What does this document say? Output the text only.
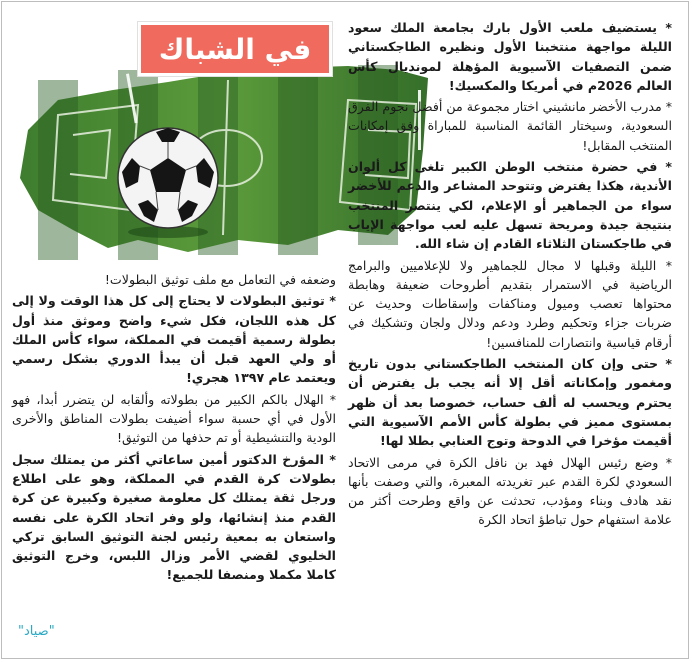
في الشباك

* يستضيف ملعب الأول بارك بجامعة الملك سعود الليلة مواجهة منتخبنا الأول ونظيره الطاجكستاني ضمن التصفيات الآسيوية المؤهلة لمونديال كأس العالم 2026م في أمريكا والمكسيك!

* مدرب الأخضر مانشيني اختار مجموعة من أفضل نجوم الفرق السعودية، وسيختار القائمة المناسبة للمباراة وفق إمكانات المنتخب المقابل!

* في حضرة منتخب الوطن الكبير تلغى كل ألوان الأندية، هكذا يفترض وتتوحد المشاعر والدعم للأخضر سواء من الجماهير أو الإعلام، لكي ينتصر المنتخب بنتيجة جيدة ومريحة تسهل عليه لعب مواجهة الإياب في طاجكستان الثلاثاء القادم إن شاء الله.

* الليلة وقبلها لا مجال للجماهير ولا للإعلاميين والبرامج الرياضية في الاستمرار بتقديم أطروحات ضعيفة وهابطة محتواها تعصب وميول ومناكفات وإسقاطات وحديث عن ضربات جزاء وتحكيم وطرد ودعم ودلال ولجان وتشكيك في أرقام قياسية وانتصارات للمنافسين!

* حتى وإن كان المنتخب الطاجكستاني بدون تاريخ ومغمور وإمكاناته أقل إلا أنه يجب بل يفترض أن يحترم ويحسب له ألف حساب، خصوصا بعد أن ظهر بمستوى مميز في بطولة كأس الأمم الآسيوية التي أقيمت مؤخرا في الدوحة وتوج العنابي بطلا لها!

* وضع رئيس الهلال فهد بن نافل الكرة في مرمى الاتحاد السعودي لكرة القدم عبر تغريدته المعبرة، والتي وصفت بأنها نقد هادف وبناء ومؤدب، تحدثت عن واقع وطرحت أكثر من علامة استفهام حول تباطؤ اتحاد الكرة

وضعفه في التعامل مع ملف توثيق البطولات!

* توثيق البطولات لا يحتاج إلى كل هذا الوقت ولا إلى كل هذه اللجان، فكل شيء واضح وموثق منذ أول بطولة رسمية أقيمت في المملكة، سواء كأس الملك أو ولي العهد قبل أن يبدأ الدوري بشكل رسمي ويعتمد عام ١٣٩٧ هجري!

* الهلال بالكم الكبير من بطولاته وألقابه لن يتضرر أبدا، فهو الأول في أي حسبة سواء أضيفت بطولات المناطق والأخرى الودية والتنشيطية أو تم حذفها من التوثيق!

* المؤرخ الدكتور أمين ساعاتي أكثر من يمتلك سجل بطولات كرة القدم في المملكة، وهو على اطلاع ورجل ثقة يمتلك كل معلومة صغيرة وكبيرة عن كرة القدم منذ إنشائها، ولو وفر اتحاد الكرة على نفسه واستعان به بمعية رئيس لجنة التوثيق السابق تركي الخليوي لقضي الأمر وزال اللبس، وخرج التوثيق كاملا مكملا ومنصفا للجميع!

"صياد"
